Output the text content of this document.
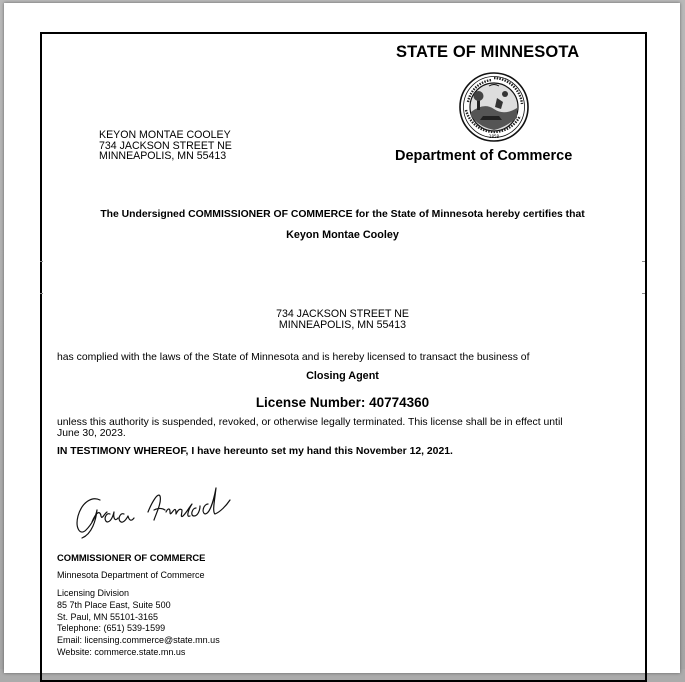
STATE OF MINNESOTA
1858
Department of Commerce
KEYON MONTAE COOLEY
734 JACKSON STREET NE
MINNEAPOLIS, MN 55413
The Undersigned COMMISSIONER OF COMMERCE for the State of Minnesota hereby certifies that
Keyon Montae Cooley
734 JACKSON STREET NE
MINNEAPOLIS, MN 55413
has complied with the laws of the State of Minnesota and is hereby licensed to transact the business of
Closing Agent
License Number: 40774360
unless this authority is suspended, revoked, or otherwise legally terminated. This license shall be in effect until June 30, 2023.
IN TESTIMONY WHEREOF, I have hereunto set my hand this November 12, 2021.
Grace Arnold
COMMISSIONER OF COMMERCE
Minnesota Department of Commerce
Licensing Division
85 7th Place East, Suite 500
St. Paul, MN 55101-3165
Telephone: (651) 539-1599
Email: licensing.commerce@state.mn.us
Website: commerce.state.mn.us
